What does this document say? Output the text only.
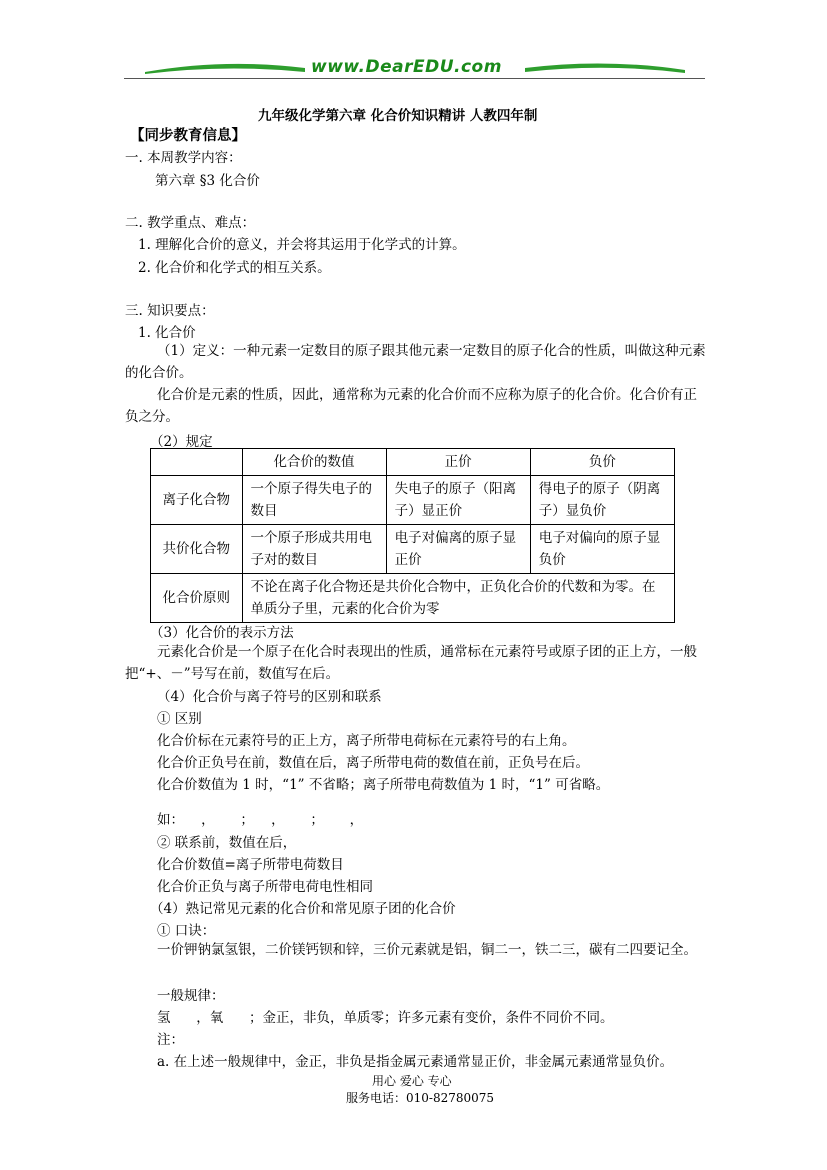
www.DearEDU.com
九年级化学第六章 化合价知识精讲 人教四年制
【同步教育信息】
一. 本周教学内容：
第六章 §3 化合价
二. 教学重点、难点：
1. 理解化合价的意义，并会将其运用于化学式的计算。
2. 化合价和化学式的相互关系。
三. 知识要点：
1. 化合价
（1）定义：一种元素一定数目的原子跟其他元素一定数目的原子化合的性质，叫做这种元素的化合价。
化合价是元素的性质，因此，通常称为元素的化合价而不应称为原子的化合价。化合价有正负之分。
（2）规定
	化合价的数值	正价	负价
离子化合物	一个原子得失电子的数目	失电子的原子（阳离子）显正价	得电子的原子（阴离子）显负价
共价化合物	一个原子形成共用电子对的数目	电子对偏离的原子显正价	电子对偏向的原子显负价
化合价原则	不论在离子化合物还是共价化合物中，正负化合价的代数和为零。在单质分子里，元素的化合价为零		
（3）化合价的表示方法
元素化合价是一个原子在化合时表现出的性质，通常标在元素符号或原子团的正上方，一般把“+、－”号写在前，数值写在后。
（4）化合价与离子符号的区别和联系
① 区别
化合价标在元素符号的正上方，离子所带电荷标在元素符号的右上角。
化合价正负号在前，数值在后，离子所带电荷的数值在前，正负号在后。
化合价数值为 1 时，“1” 不省略；离子所带电荷数值为 1 时，“1” 可省略。
如：    ，      ；    ，      ；      ，
② 联系前，数值在后，
化合价数值=离子所带电荷数目
化合价正负与离子所带电荷电性相同
（4）熟记常见元素的化合价和常见原子团的化合价
① 口诀：
一价钾钠氯氢银，二价镁钙钡和锌，三价元素就是铝，铜二一，铁二三，碳有二四要记全。
一般规律：
氢      ，氧      ；金正，非负，单质零；许多元素有变价，条件不同价不同。
注：
a. 在上述一般规律中，金正，非负是指金属元素通常显正价，非金属元素通常显负价。
用心 爱心 专心
服务电话：010-82780075
